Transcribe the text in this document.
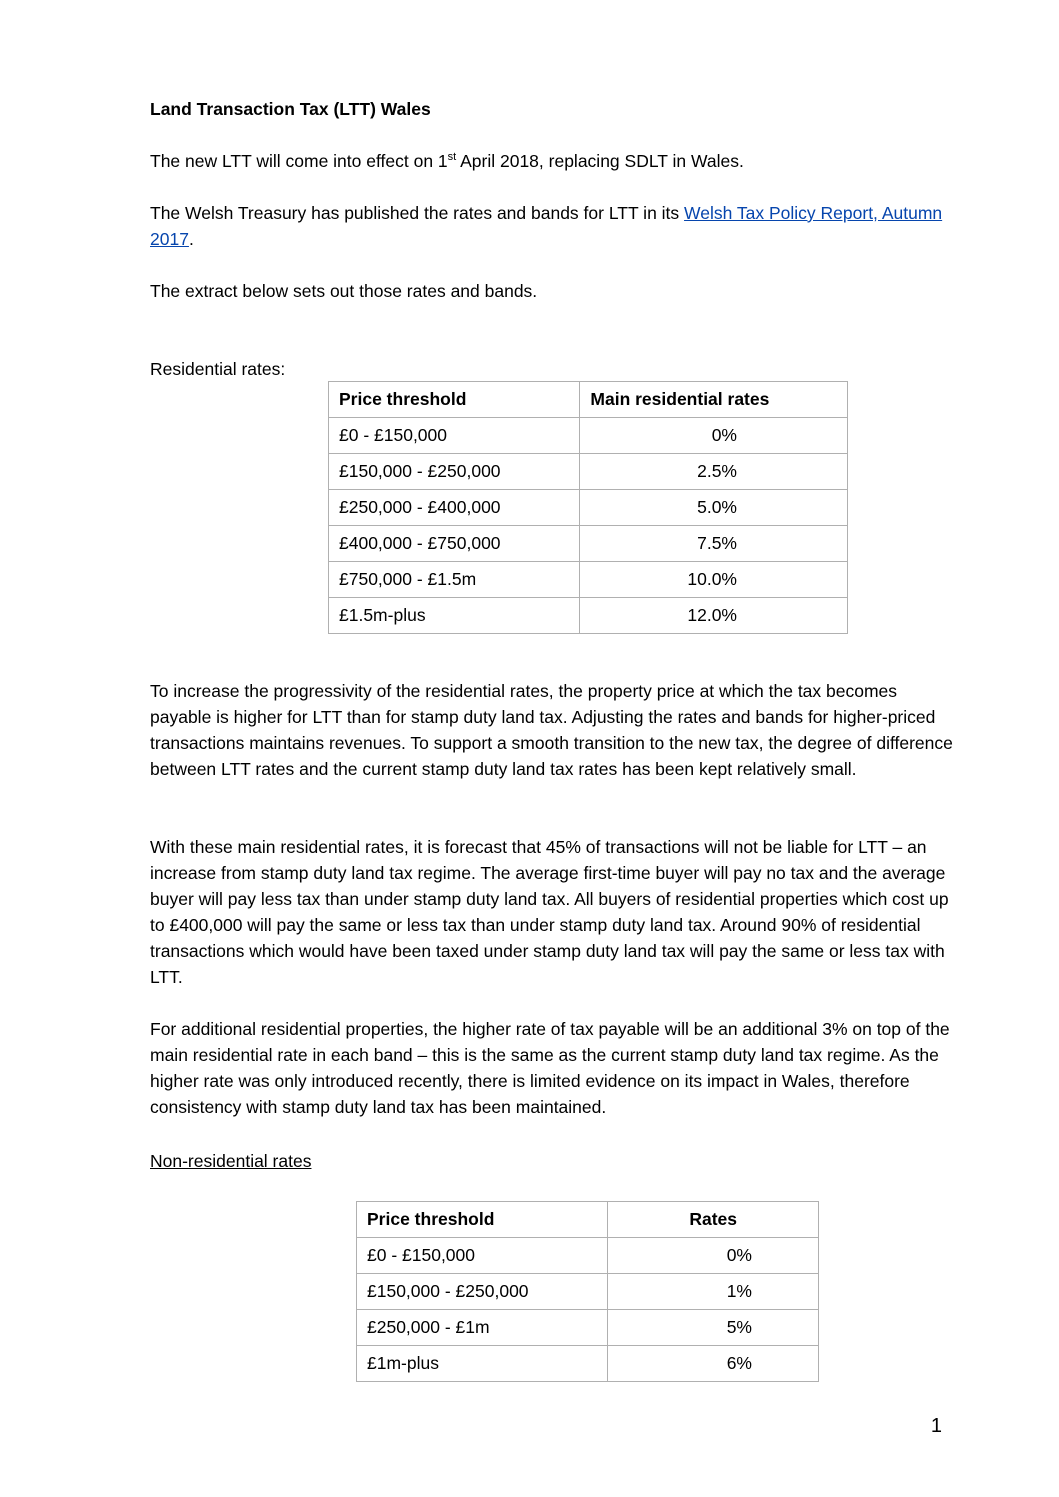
Land Transaction Tax (LTT) Wales

The new LTT will come into effect on 1st April 2018, replacing SDLT in Wales.

The Welsh Treasury has published the rates and bands for LTT in its Welsh Tax Policy Report, Autumn 2017.

The extract below sets out those rates and bands.

Residential rates:

Price threshold	Main residential rates
£0 - £150,000	0%
£150,000 - £250,000	2.5%
£250,000 - £400,000	5.0%
£400,000 - £750,000	7.5%
£750,000 - £1.5m	10.0%
£1.5m-plus	12.0%

To increase the progressivity of the residential rates, the property price at which the tax becomes payable is higher for LTT than for stamp duty land tax. Adjusting the rates and bands for higher-priced transactions maintains revenues. To support a smooth transition to the new tax, the degree of difference between LTT rates and the current stamp duty land tax rates has been kept relatively small.

With these main residential rates, it is forecast that 45% of transactions will not be liable for LTT – an increase from stamp duty land tax regime. The average first-time buyer will pay no tax and the average buyer will pay less tax than under stamp duty land tax. All buyers of residential properties which cost up to £400,000 will pay the same or less tax than under stamp duty land tax. Around 90% of residential transactions which would have been taxed under stamp duty land tax will pay the same or less tax with LTT.

For additional residential properties, the higher rate of tax payable will be an additional 3% on top of the main residential rate in each band – this is the same as the current stamp duty land tax regime. As the higher rate was only introduced recently, there is limited evidence on its impact in Wales, therefore consistency with stamp duty land tax has been maintained.

Non-residential rates

Price threshold	Rates
£0 - £150,000	0%
£150,000 - £250,000	1%
£250,000 - £1m	5%
£1m-plus	6%
1
